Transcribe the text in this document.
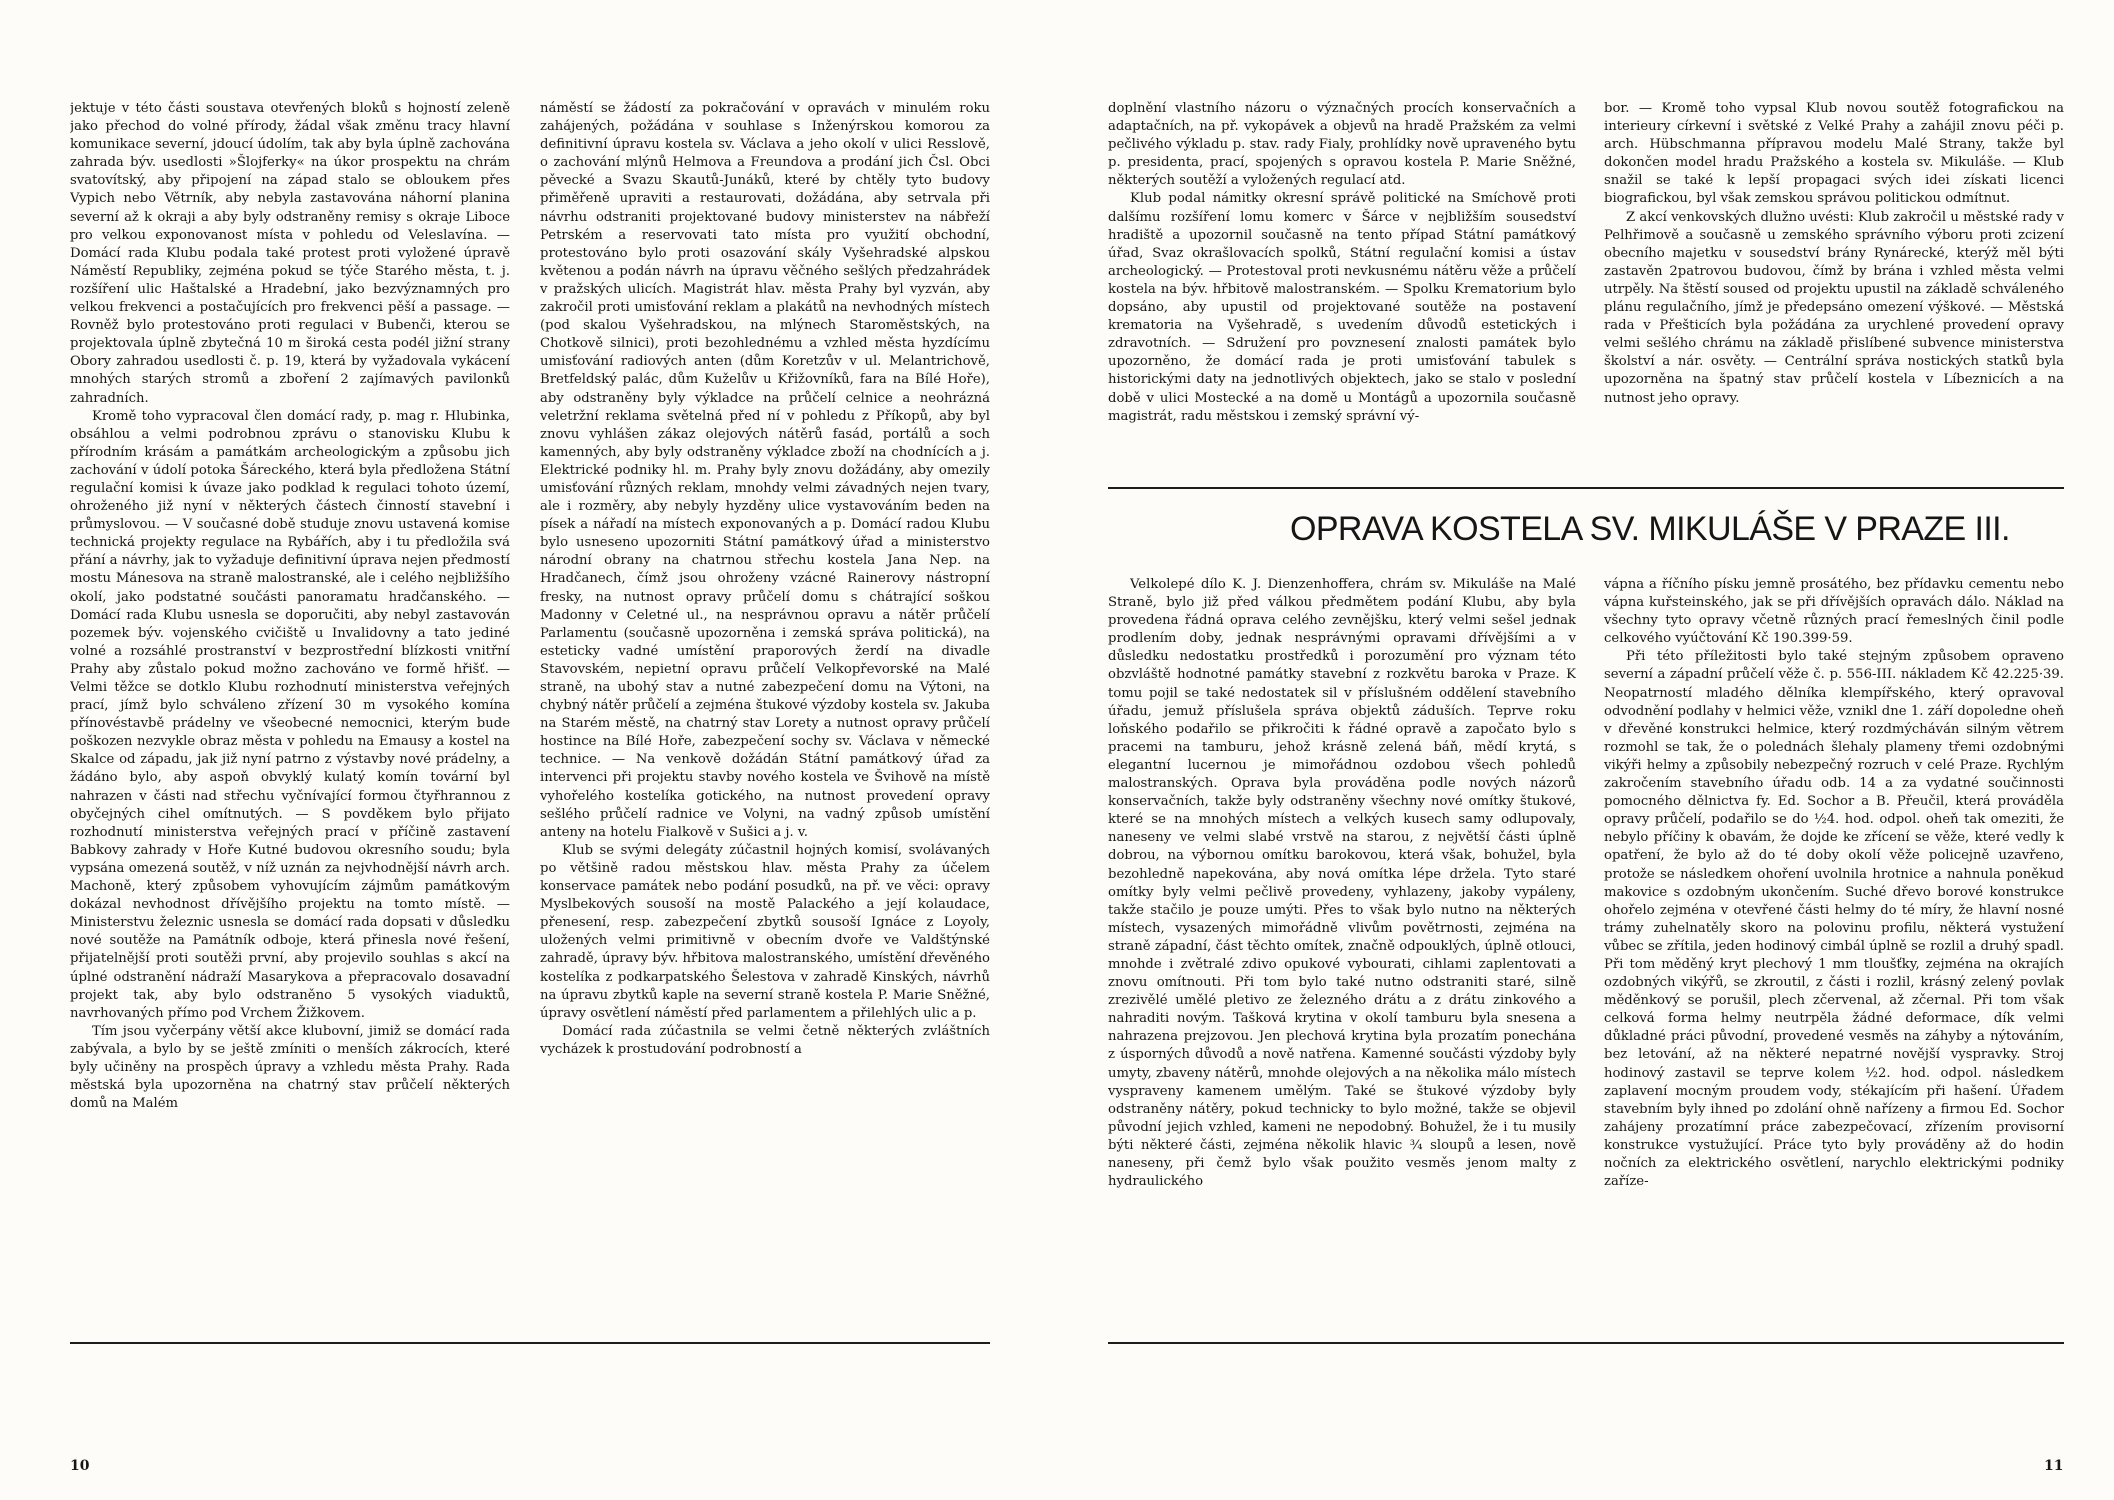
jektuje v této části soustava otevřených bloků s hojností zeleně jako přechod do volné přírody, žádal však změnu tracy hlavní komunikace severní, jdoucí údolím, tak aby byla úplně zachována zahrada býv. usedlosti »Šlojferky« na úkor prospektu na chrám svatovítský, aby připojení na západ stalo se obloukem přes Vypich nebo Větrník, aby nebyla zastavována náhorní planina severní až k okraji a aby byly odstraněny remisy s okraje Liboce pro velkou exponovanost místa v pohledu od Veleslavína. — Domácí rada Klubu podala také protest proti vyložené úpravě Náměstí Republiky, zejména pokud se týče Starého města, t. j. rozšíření ulic Haštalské a Hradební, jako bezvýznamných pro velkou frekvenci a postačujících pro frekvenci pěší a passage. — Rovněž bylo protestováno proti regulaci v Bubenči, kterou se projektovala úplně zbytečná 10 m široká cesta podél jižní strany Obory zahradou usedlosti č. p. 19, která by vyžadovala vykácení mnohých starých stromů a zboření 2 zajímavých pavilonků zahradních.

Kromě toho vypracoval člen domácí rady, p. mag r. Hlubinka, obsáhlou a velmi podrobnou zprávu o stanovisku Klubu k přírodním krásám a památkám archeologickým a způsobu jich zachování v údolí potoka Šáreckého, která byla předložena Státní regulační komisi k úvaze jako podklad k regulaci tohoto území, ohroženého již nyní v některých částech činností stavební i průmyslovou. — V současné době studuje znovu ustavená komise technická projekty regulace na Rybářích, aby i tu předložila svá přání a návrhy, jak to vyžaduje definitivní úprava nejen předmostí mostu Mánesova na straně malostranské, ale i celého nejbližšího okolí, jako podstatné součásti panoramatu hradčanského. — Domácí rada Klubu usnesla se doporučiti, aby nebyl zastavován pozemek býv. vojenského cvičiště u Invalidovny a tato jediné volné a rozsáhlé prostranství v bezprostřední blízkosti vnitřní Prahy aby zůstalo pokud možno zachováno ve formě hřišť. — Velmi těžce se dotklo Klubu rozhodnutí ministerstva veřejných prací, jímž bylo schváleno zřízení 30 m vysokého komína přínovéstavbě prádelny ve všeobecné nemocnici, kterým bude poškozen nezvykle obraz města v pohledu na Emausy a kostel na Skalce od západu, jak již nyní patrno z výstavby nové prádelny, a žádáno bylo, aby aspoň obvyklý kulatý komín tovární byl nahrazen v části nad střechu vyčnívající formou čtyřhrannou z obyčejných cihel omítnutých. — S povděkem bylo přijato rozhodnutí ministerstva veřejných prací v příčině zastavení Babkovy zahrady v Hoře Kutné budovou okresního soudu; byla vypsána omezená soutěž, v níž uznán za nejvhodnější návrh arch. Machoně, který způsobem vyhovujícím zájmům památkovým dokázal nevhodnost dřívějšího projektu na tomto místě. — Ministerstvu železnic usnesla se domácí rada dopsati v důsledku nové soutěže na Památník odboje, která přinesla nové řešení, přijatelnější proti soutěži první, aby projevilo souhlas s akcí na úplné odstranění nádraží Masarykova a přepracovalo dosavadní projekt tak, aby bylo odstraněno 5 vysokých viaduktů, navrhovaných přímo pod Vrchem Žižkovem.

Tím jsou vyčerpány větší akce klubovní, jimiž se domácí rada zabývala, a bylo by se ještě zmíniti o menších zákrocích, které byly učiněny na prospěch úpravy a vzhledu města Prahy. Rada městská byla upozorněna na chatrný stav průčelí některých domů na Malém

náměstí se žádostí za pokračování v opravách v minulém roku zahájených, požádána v souhlase s Inženýrskou komorou za definitivní úpravu kostela sv. Václava a jeho okolí v ulici Resslově, o zachování mlýnů Helmova a Freundova a prodání jich Čsl. Obci pěvecké a Svazu Skautů-Junáků, které by chtěly tyto budovy přiměřeně upraviti a restaurovati, dožádána, aby setrvala při návrhu odstraniti projektované budovy ministerstev na nábřeží Petrském a reservovati tato místa pro využití obchodní, protestováno bylo proti osazování skály Vyšehradské alpskou květenou a podán návrh na úpravu věčného sešlých předzahrádek v pražských ulicích. Magistrát hlav. města Prahy byl vyzván, aby zakročil proti umisťování reklam a plakátů na nevhodných místech (pod skalou Vyšehradskou, na mlýnech Staroměstských, na Chotkově silnici), proti bezohlednému a vzhled města hyzdícímu umisťování radiových anten (dům Koretzův v ul. Melantrichově, Bretfeldský palác, dům Kuželův u Křižovníků, fara na Bílé Hoře), aby odstraněny byly výkladce na průčelí celnice a neohrázná veletržní reklama světelná před ní v pohledu z Příkopů, aby byl znovu vyhlášen zákaz olejových nátěrů fasád, portálů a soch kamenných, aby byly odstraněny výkladce zboží na chodnících a j. Elektrické podniky hl. m. Prahy byly znovu dožádány, aby omezily umisťování různých reklam, mnohdy velmi závadných nejen tvary, ale i rozměry, aby nebyly hyzděny ulice vystavováním beden na písek a nářadí na místech exponovaných a p. Domácí radou Klubu bylo usneseno upozorniti Státní památkový úřad a ministerstvo národní obrany na chatrnou střechu kostela Jana Nep. na Hradčanech, čímž jsou ohroženy vzácné Rainerovy nástropní fresky, na nutnost opravy průčelí domu s chátrající soškou Madonny v Celetné ul., na nesprávnou opravu a nátěr průčelí Parlamentu (současně upozorněna i zemská správa politická), na esteticky vadné umístění praporových žerdí na divadle Stavovském, nepietní opravu průčelí Velkopřevorské na Malé straně, na ubohý stav a nutné zabezpečení domu na Výtoni, na chybný nátěr průčelí a zejména štukové výzdoby kostela sv. Jakuba na Starém městě, na chatrný stav Lorety a nutnost opravy průčelí hostince na Bílé Hoře, zabezpečení sochy sv. Václava v německé technice. — Na venkově dožádán Státní památkový úřad za intervenci při projektu stavby nového kostela ve Švihově na místě vyhořelého kostelíka gotického, na nutnost provedení opravy sešlého průčelí radnice ve Volyni, na vadný způsob umístění anteny na hotelu Fialkově v Sušici a j. v.

Klub se svými delegáty zúčastnil hojných komisí, svolávaných po většině radou městskou hlav. města Prahy za účelem konservace památek nebo podání posudků, na př. ve věci: opravy Myslbekových sousoší na mostě Palackého a její kolaudace, přenesení, resp. zabezpečení zbytků sousoší Ignáce z Loyoly, uložených velmi primitivně v obecním dvoře ve Valdštýnské zahradě, úpravy býv. hřbitova malostranského, umístění dřevěného kostelíka z podkarpatského Šelestova v zahradě Kinských, návrhů na úpravu zbytků kaple na severní straně kostela P. Marie Sněžné, úpravy osvětlení náměstí před parlamentem a přilehlých ulic a p.

Domácí rada zúčastnila se velmi četně některých zvláštních vycházek k prostudování podrobností a

10

doplnění vlastního názoru o význačných procích konservačních a adaptačních, na př. vykopávek a objevů na hradě Pražském za velmi pečlivého výkladu p. stav. rady Fialy, prohlídky nově upraveného bytu p. presidenta, prací, spojených s opravou kostela P. Marie Sněžné, některých soutěží a vyložených regulací atd.

Klub podal námitky okresní správě politické na Smíchově proti dalšímu rozšíření lomu komerc v Šárce v nejbližším sousedství hradiště a upozornil současně na tento případ Státní památkový úřad, Svaz okrašlovacích spolků, Státní regulační komisi a ústav archeologický. — Protestoval proti nevkusnému nátěru věže a průčelí kostela na býv. hřbitově malostranském. — Spolku Krematorium bylo dopsáno, aby upustil od projektované soutěže na postavení krematoria na Vyšehradě, s uvedením důvodů estetických i zdravotních. — Sdružení pro povznesení znalosti památek bylo upozorněno, že domácí rada je proti umisťování tabulek s historickými daty na jednotlivých objektech, jako se stalo v poslední době v ulici Mostecké a na domě u Montágů a upozornila současně magistrát, radu městskou i zemský správní vý-

bor. — Kromě toho vypsal Klub novou soutěž fotografickou na interieury církevní i světské z Velké Prahy a zahájil znovu péči p. arch. Hübschmanna přípravou modelu Malé Strany, takže byl dokončen model hradu Pražského a kostela sv. Mikuláše. — Klub snažil se také k lepší propagaci svých idei získati licenci biografickou, byl však zemskou správou politickou odmítnut.

Z akcí venkovských dlužno uvésti: Klub zakročil u městské rady v Pelhřimově a současně u zemského správního výboru proti zcizení obecního majetku v sousedství brány Rynárecké, kterýž měl býti zastavěn 2patrovou budovou, čímž by brána i vzhled města velmi utrpěly. Na štěstí soused od projektu upustil na základě schváleného plánu regulačního, jímž je předepsáno omezení výškové. — Městská rada v Přešticích byla požádána za urychlené provedení opravy velmi sešlého chrámu na základě přislíbené subvence ministerstva školství a nár. osvěty. — Centrální správa nostických statků byla upozorněna na špatný stav průčelí kostela v Líbeznicích a na nutnost jeho opravy.

OPRAVA KOSTELA SV. MIKULÁŠE V PRAZE III.

Velkolepé dílo K. J. Dienzenhoffera, chrám sv. Mikuláše na Malé Straně, bylo již před válkou předmětem podání Klubu, aby byla provedena řádná oprava celého zevnějšku, který velmi sešel jednak prodlením doby, jednak nesprávnými opravami dřívějšími a v důsledku nedostatku prostředků i porozumění pro význam této obzvláště hodnotné památky stavební z rozkvětu baroka v Praze. K tomu pojil se také nedostatek sil v příslušném oddělení stavebního úřadu, jemuž příslušela správa objektů záduších. Teprve roku loňského podařilo se přikročiti k řádné opravě a započato bylo s pracemi na tamburu, jehož krásně zelená báň, mědí krytá, s elegantní lucernou je mimořádnou ozdobou všech pohledů malostranských. Oprava byla prováděna podle nových názorů konservačních, takže byly odstraněny všechny nové omítky štukové, které se na mnohých místech a velkých kusech samy odlupovaly, naneseny ve velmi slabé vrstvě na starou, z největší části úplně dobrou, na výbornou omítku barokovou, která však, bohužel, byla bezohledně napekována, aby nová omítka lépe držela. Tyto staré omítky byly velmi pečlivě provedeny, vyhlazeny, jakoby vypáleny, takže stačilo je pouze umýti. Přes to však bylo nutno na některých místech, vysazených mimořádně vlivům povětrnosti, zejména na straně západní, část těchto omítek, značně odpouklých, úplně otlouci, mnohde i zvětralé zdivo opukové vybourati, cihlami zaplentovati a znovu omítnouti. Při tom bylo také nutno odstraniti staré, silně zrezivělé umělé pletivo ze železného drátu a z drátu zinkového a nahraditi novým. Tašková krytina v okolí tamburu byla snesena a nahrazena prejzovou. Jen plechová krytina byla prozatím ponechána z úsporných důvodů a nově natřena. Kamenné součásti výzdoby byly umyty, zbaveny nátěrů, mnohde olejových a na několika málo místech vyspraveny kamenem umělým. Také se štukové výzdoby byly odstraněny nátěry, pokud technicky to bylo možné, takže se objevil původní jejich vzhled, kameni ne nepodobný. Bohužel, že i tu musily býti některé části, zejména několik hlavic ¾ sloupů a lesen, nově naneseny, při čemž bylo však použito vesměs jenom malty z hydraulického

vápna a říčního písku jemně prosátého, bez přídavku cementu nebo vápna kuřsteinského, jak se při dřívějších opravách dálo. Náklad na všechny tyto opravy včetně různých prací řemeslných činil podle celkového vyúčtování Kč 190.399·59.

Při této příležitosti bylo také stejným způsobem opraveno severní a západní průčelí věže č. p. 556-III. nákladem Kč 42.225·39. Neopatrností mladého dělníka klempířského, který opravoval odvodnění podlahy v helmici věže, vznikl dne 1. září dopoledne oheň v dřevěné konstrukci helmice, který rozdmýcháván silným větrem rozmohl se tak, že o polednách šlehaly plameny třemi ozdobnými vikýři helmy a způsobily nebezpečný rozruch v celé Praze. Rychlým zakročením stavebního úřadu odb. 14 a za vydatné součinnosti pomocného dělnictva fy. Ed. Sochor a B. Přeučil, která prováděla opravy průčelí, podařilo se do ½4. hod. odpol. oheň tak omeziti, že nebylo příčiny k obavám, že dojde ke zřícení se věže, které vedly k opatření, že bylo až do té doby okolí věže policejně uzavřeno, protože se následkem ohoření uvolnila hrotnice a nahnula poněkud makovice s ozdobným ukončením. Suché dřevo borové konstrukce ohořelo zejména v otevřené části helmy do té míry, že hlavní nosné trámy zuhelnatěly skoro na polovinu profilu, některá vystužení vůbec se zřítila, jeden hodinový cimbál úplně se rozlil a druhý spadl. Při tom měděný kryt plechový 1 mm tloušťky, zejména na okrajích ozdobných vikýřů, se zkroutil, z části i rozlil, krásný zelený povlak měděnkový se porušil, plech zčervenal, až zčernal. Při tom však celková forma helmy neutrpěla žádné deformace, dík velmi důkladné práci původní, provedené vesměs na záhyby a nýtováním, bez letování, až na některé nepatrné novější vyspravky. Stroj hodinový zastavil se teprve kolem ½2. hod. odpol. následkem zaplavení mocným proudem vody, stékajícím při hašení. Úřadem stavebním byly ihned po zdolání ohně nařízeny a firmou Ed. Sochor zahájeny prozatímní práce zabezpečovací, zřízením provisorní konstrukce vystužující. Práce tyto byly prováděny až do hodin nočních za elektrického osvětlení, narychlo elektrickými podniky zaříze-

11
